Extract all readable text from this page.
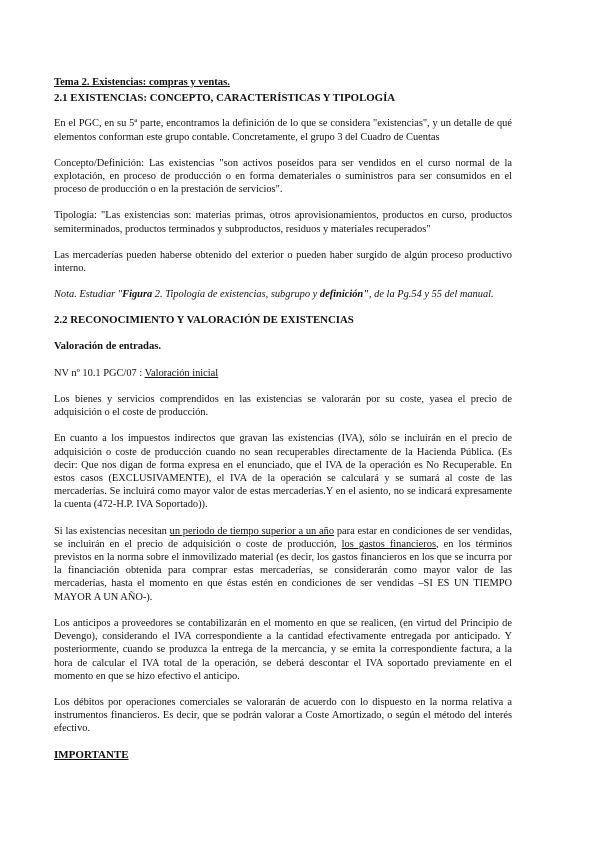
Tema 2. Existencias: compras y ventas.

2.1 EXISTENCIAS: CONCEPTO, CARACTERÍSTICAS Y TIPOLOGÍA

En el PGC, en su 5ª parte, encontramos la definición de lo que se considera "existencias", y un detalle de qué elementos conforman este grupo contable. Concretamente, el grupo 3 del Cuadro de Cuentas

Concepto/Definición: Las existencias "son activos poseídos para ser vendidos en el curso normal de la explotación, en proceso de producción o en forma demateriales o suministros para ser consumidos en el proceso de producción o en la prestación de servicios".

Tipología: "Las existencias son: materias primas, otros aprovisionamientos, productos en curso, productos semiterminados, productos terminados y subproductos, residuos y materiales recuperados"

Las mercaderías pueden haberse obtenido del exterior o pueden haber surgido de algún proceso productivo interno.

Nota. Estudiar "Figura 2. Tipología de existencias, subgrupo y definición", de la Pg.54 y 55 del manual.

2.2 RECONOCIMIENTO Y VALORACIÓN DE EXISTENCIAS

Valoración de entradas.

NV nº 10.1 PGC/07 : Valoración inicial

Los bienes y servicios comprendidos en las existencias se valorarán por su coste, yasea el precio de adquisición o el coste de producción.

En cuanto a los impuestos indirectos que gravan las existencias (IVA), sólo se incluirán en el precio de adquisición o coste de producción cuando no sean recuperables directamente de la Hacienda Pública. (Es decir: Que nos digan de forma expresa en el enunciado, que el IVA de la operación es No Recuperable. En estos casos (EXCLUSIVAMENTE), el IVA de la operación se calculará y se sumará al coste de las mercaderías. Se incluirá como mayor valor de estas mercaderías.Y en el asiento, no se indicará expresamente la cuenta (472-H.P. IVA Soportado)).

Si las existencias necesitan un periodo de tiempo superior a un año para estar en condiciones de ser vendidas, se incluirán en el precio de adquisición o coste de producción, los gastos financieros, en los términos previstos en la norma sobre el inmovilizado material (es decir, los gastos financieros en los que se incurra por la financiación obtenida para comprar estas mercaderías, se considerarán como mayor valor de las mercaderías, hasta el momento en que éstas estén en condiciones de ser vendidas –SI ES UN TIEMPO MAYOR A UN AÑO-).

Los anticipos a proveedores se contabilizarán en el momento en que se realicen, (en virtud del Principio de Devengo), considerando el IVA correspondiente a la cantidad efectivamente entregada por anticipado. Y posteriormente, cuando se produzca la entrega de la mercancía, y se emita la correspondiente factura, a la hora de calcular el IVA total de la operación, se deberá descontar el IVA soportado previamente en el momento en que se hizo efectivo el anticipo.

Los débitos por operaciones comerciales se valorarán de acuerdo con lo dispuesto en la norma relativa a instrumentos financieros. Es decir, que se podrán valorar a Coste Amortizado, o según el método del interés efectivo.

IMPORTANTE
